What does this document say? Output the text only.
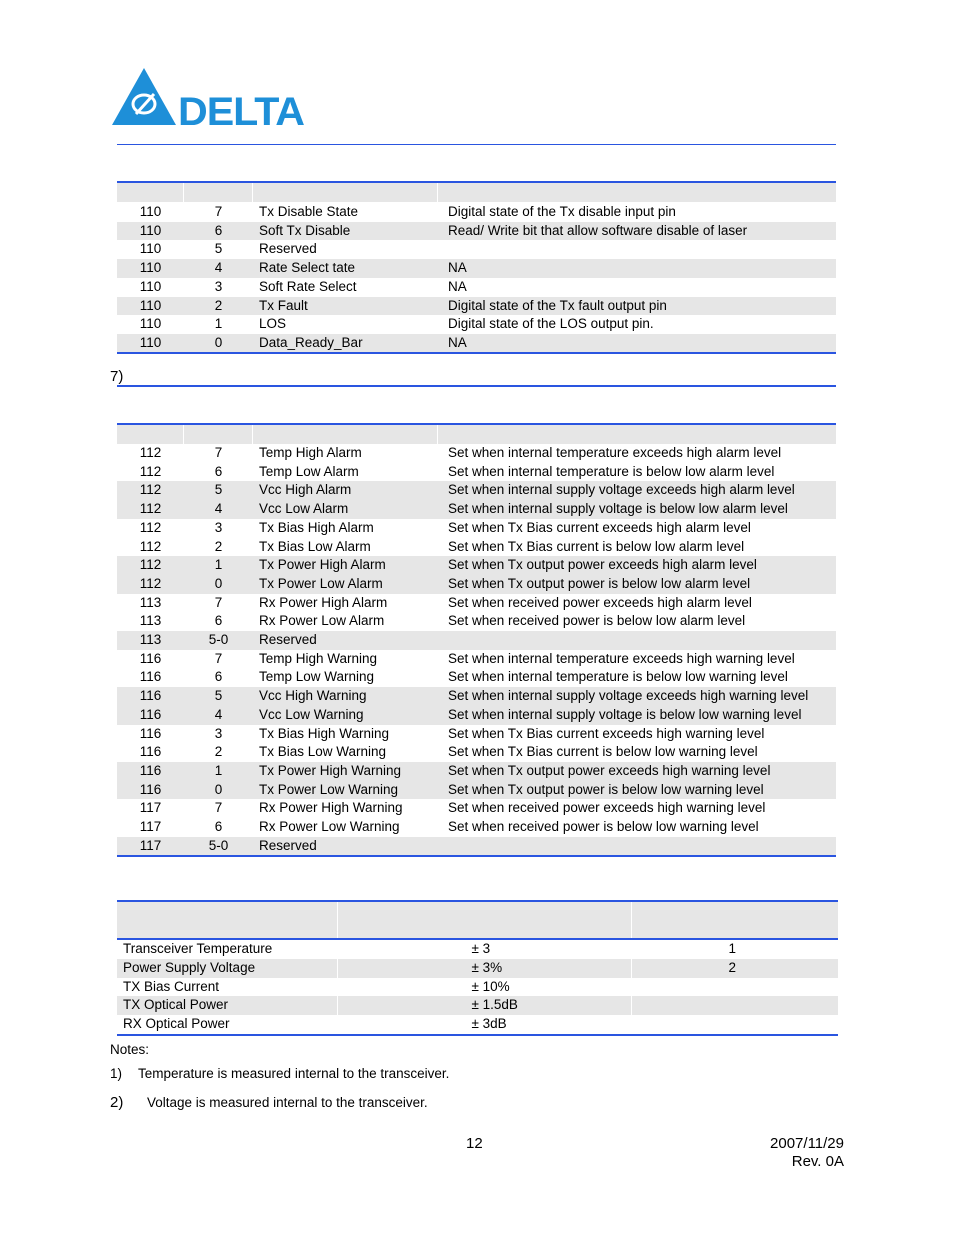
DELTA
110	7	Tx Disable State	Digital state of the Tx disable input pin
110	6	Soft Tx Disable	Read/ Write bit that allow software disable of laser
110	5	Reserved	
110	4	Rate Select tate	NA
110	3	Soft Rate Select	NA
110	2	Tx Fault	Digital state of the Tx fault output pin
110	1	LOS	Digital state of the LOS output pin.
110	0	Data_Ready_Bar	NA
7)
112	7	Temp High Alarm	Set when internal temperature exceeds high alarm level
112	6	Temp Low Alarm	Set when internal temperature is below low alarm level
112	5	Vcc High Alarm	Set when internal supply voltage exceeds high alarm level
112	4	Vcc Low Alarm	Set when internal supply voltage is below low alarm level
112	3	Tx Bias High Alarm	Set when Tx Bias current exceeds high alarm level
112	2	Tx Bias Low Alarm	Set when Tx Bias current is below low alarm level
112	1	Tx Power High Alarm	Set when Tx output power exceeds high alarm level
112	0	Tx Power Low Alarm	Set when Tx output power is below low alarm level
113	7	Rx Power High Alarm	Set when received power exceeds high alarm level
113	6	Rx Power Low Alarm	Set when received power is below low alarm level
113	5-0	Reserved	
116	7	Temp High Warning	Set when internal temperature exceeds high warning level
116	6	Temp Low Warning	Set when internal temperature is below low warning level
116	5	Vcc High Warning	Set when internal supply voltage exceeds high warning level
116	4	Vcc Low Warning	Set when internal supply voltage is below low warning level
116	3	Tx Bias High Warning	Set when Tx Bias current exceeds high warning level
116	2	Tx Bias Low Warning	Set when Tx Bias current is below low warning level
116	1	Tx Power High Warning	Set when Tx output power exceeds high warning level
116	0	Tx Power Low Warning	Set when Tx output power is below low warning level
117	7	Rx Power High Warning	Set when received power exceeds high warning level
117	6	Rx Power Low Warning	Set when received power is below low warning level
117	5-0	Reserved	
Transceiver Temperature	± 3	1
Power Supply Voltage	± 3%	2
TX Bias Current	± 10%	
TX Optical Power	± 1.5dB	
RX Optical Power	± 3dB	
Notes:
1) Temperature is measured internal to the transceiver.
2) Voltage is measured internal to the transceiver.
12	2007/11/29
Rev. 0A
